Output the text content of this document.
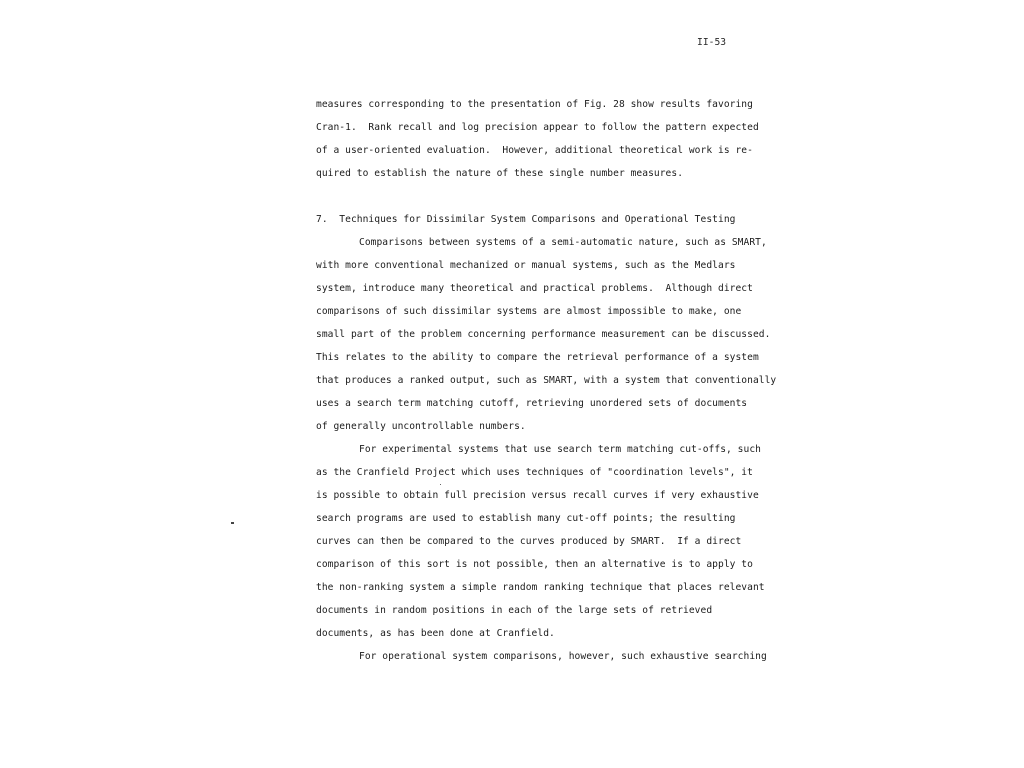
II-53
measures corresponding to the presentation of Fig. 28 show results favoring
Cran-1.  Rank recall and log precision appear to follow the pattern expected
of a user-oriented evaluation.  However, additional theoretical work is re-
quired to establish the nature of these single number measures.
7.  Techniques for Dissimilar System Comparisons and Operational Testing
Comparisons between systems of a semi-automatic nature, such as SMART,
with more conventional mechanized or manual systems, such as the Medlars
system, introduce many theoretical and practical problems.  Although direct
comparisons of such dissimilar systems are almost impossible to make, one
small part of the problem concerning performance measurement can be discussed.
This relates to the ability to compare the retrieval performance of a system
that produces a ranked output, such as SMART, with a system that conventionally
uses a search term matching cutoff, retrieving unordered sets of documents
of generally uncontrollable numbers.
For experimental systems that use search term matching cut-offs, such
as the Cranfield Project which uses techniques of "coordination levels", it
is possible to obtain full precision versus recall curves if very exhaustive
search programs are used to establish many cut-off points; the resulting
curves can then be compared to the curves produced by SMART.  If a direct
comparison of this sort is not possible, then an alternative is to apply to
the non-ranking system a simple random ranking technique that places relevant
documents in random positions in each of the large sets of retrieved
documents, as has been done at Cranfield.
For operational system comparisons, however, such exhaustive searching
